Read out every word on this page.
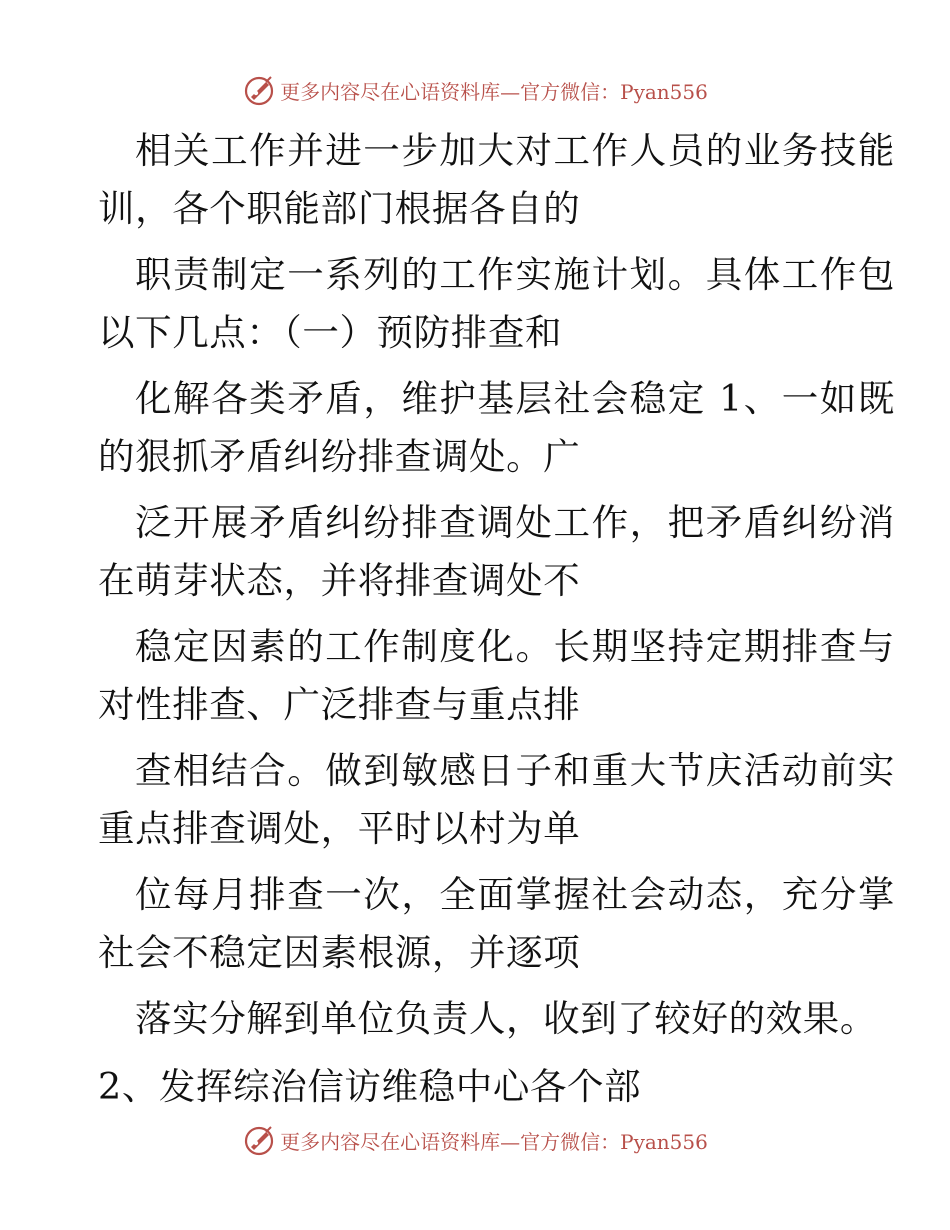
更多内容尽在心语资料库—官方微信：Pyan556
相关工作并进一步加大对工作人员的业务技能
训，各个职能部门根据各自的
职责制定一系列的工作实施计划。具体工作包
以下几点：（一）预防排查和
化解各类矛盾，维护基层社会稳定 1、一如既
的狠抓矛盾纠纷排查调处。广
泛开展矛盾纠纷排查调处工作，把矛盾纠纷消
在萌芽状态，并将排查调处不
稳定因素的工作制度化。长期坚持定期排查与
对性排查、广泛排查与重点排
查相结合。做到敏感日子和重大节庆活动前实
重点排查调处，平时以村为单
位每月排查一次，全面掌握社会动态，充分掌
社会不稳定因素根源，并逐项
落实分解到单位负责人，收到了较好的效果。
2、发挥综治信访维稳中心各个部
更多内容尽在心语资料库—官方微信：Pyan556
